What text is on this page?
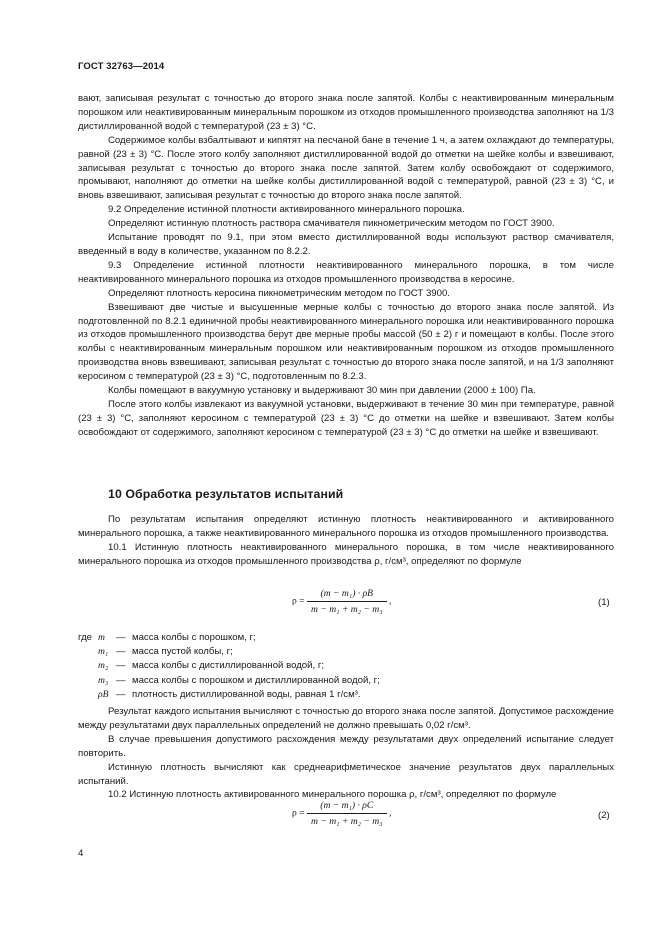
ГОСТ 32763—2014

вают, записывая результат с точностью до второго знака после запятой. Колбы с неактивированным минеральным порошком или неактивированным минеральным порошком из отходов промышленного производства заполняют на 1/3 дистиллированной водой с температурой (23 ± 3) °С.

Содержимое колбы взбалтывают и кипятят на песчаной бане в течение 1 ч, а затем охлаждают до температуры, равной (23 ± 3) °С. После этого колбу заполняют дистиллированной водой до отметки на шейке колбы и взвешивают, записывая результат с точностью до второго знака после запятой. Затем колбу освобождают от содержимого, промывают, наполняют до отметки на шейке колбы дистиллированной водой с температурой, равной (23 ± 3) °С, и вновь взвешивают, записывая результат с точностью до второго знака после запятой.

9.2 Определение истинной плотности активированного минерального порошка.

Определяют истинную плотность раствора смачивателя пикнометрическим методом по ГОСТ 3900.

Испытание проводят по 9.1, при этом вместо дистиллированной воды используют раствор смачивателя, введенный в воду в количестве, указанном по 8.2.2.

9.3 Определение истинной плотности неактивированного минерального порошка, в том числе неактивированного минерального порошка из отходов промышленного производства в керосине.

Определяют плотность керосина пикнометрическим методом по ГОСТ 3900.

Взвешивают две чистые и высушенные мерные колбы с точностью до второго знака после запятой. Из подготовленной по 8.2.1 единичной пробы неактивированного минерального порошка или неактивированного порошка из отходов промышленного производства берут две мерные пробы массой (50 ± 2) г и помещают в колбы. После этого колбы с неактивированным минеральным порошком или неактивированным порошком из отходов промышленного производства вновь взвешивают, записывая результат с точностью до второго знака после запятой, и на 1/3 заполняют керосином с температурой (23 ± 3) °С, подготовленным по 8.2.3.

Колбы помещают в вакуумную установку и выдерживают 30 мин при давлении (2000 ± 100) Па.

После этого колбы извлекают из вакуумной установки, выдерживают в течение 30 мин при температуре, равной (23 ± 3) °С, заполняют керосином с температурой (23 ± 3) °С до отметки на шейке и взвешивают. Затем колбы освобождают от содержимого, заполняют керосином с температурой (23 ± 3) °С до отметки на шейке и взвешивают.

10 Обработка результатов испытаний

По результатам испытания определяют истинную плотность неактивированного и активированного минерального порошка, а также неактивированного минерального порошка из отходов промышленного производства.

10.1 Истинную плотность неактивированного минерального порошка, в том числе неактивированного минерального порошка из отходов промышленного производства ρ, г/см³, определяют по формуле

$\rho = \frac{\text{(m − m₁) · ρВ}}{\text{m − m₁ + m₂ − m₃}}$ ,	(1)
где m	— масса колбы с порошком, г;
m₁ — масса пустой колбы, г;
m₂ — масса колбы с дистиллированной водой, г;
m₃ — масса колбы с порошком и дистиллированной водой, г;
ρВ — плотность дистиллированной воды, равная 1 г/см³.

Результат каждого испытания вычисляют с точностью до второго знака после запятой. Допустимое расхождение между результатами двух параллельных определений не должно превышать 0,02 г/см³.

В случае превышения допустимого расхождения между результатами двух определений испытание следует повторить.

Истинную плотность вычисляют как среднеарифметическое значение результатов двух параллельных испытаний.

10.2 Истинную плотность активированного минерального порошка ρ, г/см³, определяют по формуле

$\rho = \frac{\text{(m − m₁) · ρС}}{\text{m − m₁ + m₂ − m₃}}$ ,	(2)
4
